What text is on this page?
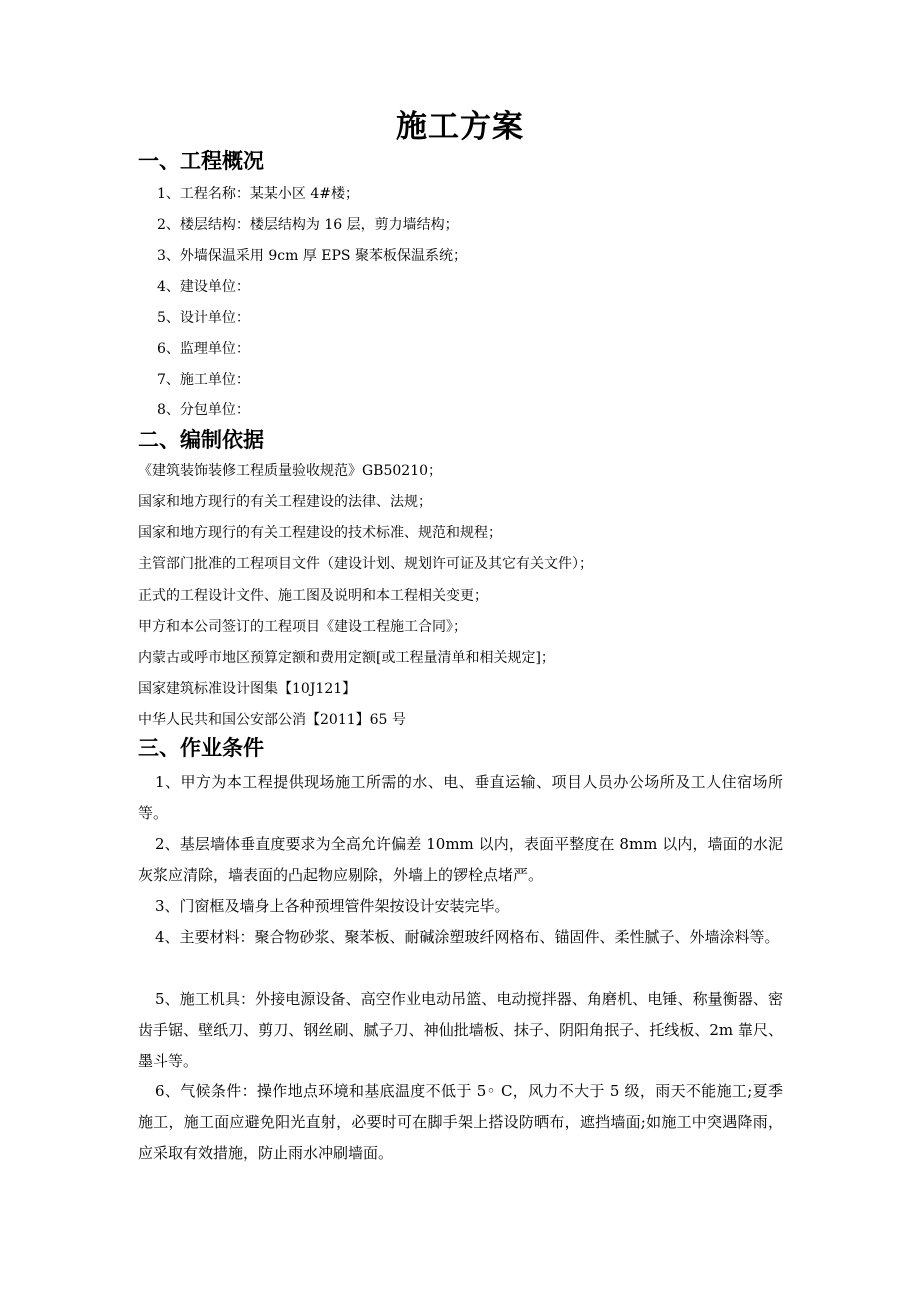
施工方案
一、工程概况
1、工程名称：某某小区 4#楼；
2、楼层结构：楼层结构为 16 层，剪力墙结构；
3、外墙保温采用 9cm 厚 EPS 聚苯板保温系统；
4、建设单位：
5、设计单位：
6、监理单位：
7、施工单位：
8、分包单位：
二、编制依据
《建筑装饰装修工程质量验收规范》GB50210；
国家和地方现行的有关工程建设的法律、法规；
国家和地方现行的有关工程建设的技术标准、规范和规程；
主管部门批准的工程项目文件（建设计划、规划许可证及其它有关文件）；
正式的工程设计文件、施工图及说明和本工程相关变更；
甲方和本公司签订的工程项目《建设工程施工合同》；
内蒙古或呼市地区预算定额和费用定额[或工程量清单和相关规定]；
国家建筑标准设计图集【10J121】
中华人民共和国公安部公消【2011】65 号
三、作业条件

1、甲方为本工程提供现场施工所需的水、电、垂直运输、项目人员办公场所及工人住宿场所等。

2、基层墙体垂直度要求为全高允许偏差 10mm 以内，表面平整度在 8mm 以内，墙面的水泥灰浆应清除，墙表面的凸起物应剔除，外墙上的锣栓点堵严。

3、门窗框及墙身上各种预埋管件架按设计安装完毕。

4、主要材料：聚合物砂浆、聚苯板、耐碱涂塑玻纤网格布、锚固件、柔性腻子、外墙涂料等。

5、施工机具：外接电源设备、高空作业电动吊篮、电动搅拌器、角磨机、电锤、称量衡器、密齿手锯、壁纸刀、剪刀、钢丝刷、腻子刀、神仙批墙板、抹子、阴阳角抿子、托线板、2m 靠尺、墨斗等。

6、气候条件：操作地点环境和基底温度不低于 5◦ C，风力不大于 5 级，雨天不能施工;夏季施工，施工面应避免阳光直射，必要时可在脚手架上搭设防晒布，遮挡墙面;如施工中突遇降雨，应采取有效措施，防止雨水冲刷墙面。
